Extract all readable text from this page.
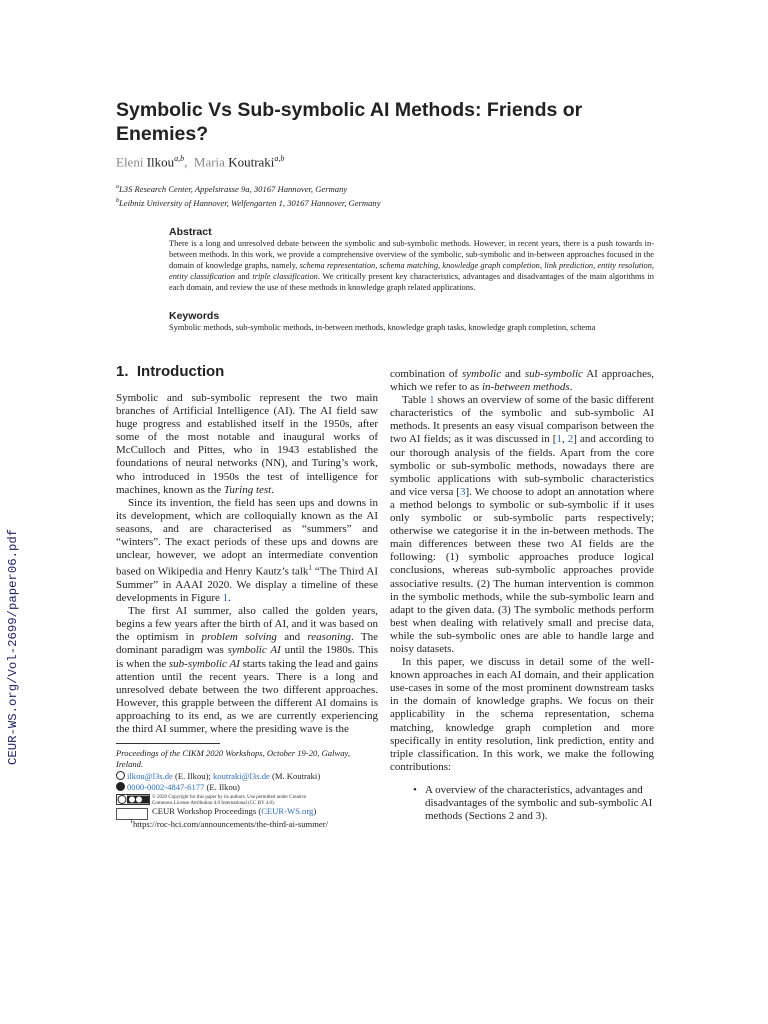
CEUR-WS.org/Vol-2699/paper06.pdf
Symbolic Vs Sub-symbolic AI Methods: Friends or Enemies?
Eleni Ilkou$^{a,b}$,  Maria Koutraki$^{a,b}$
$^a$L3S Research Center, Appelstrasse 9a, 30167 Hannover, Germany
$^b$Leibniz University of Hannover, Welfengarten 1, 30167 Hannover, Germany
Abstract

There is a long and unresolved debate between the symbolic and sub-symbolic methods. However, in recent years, there is a push towards in-between methods. In this work, we provide a comprehensive overview of the symbolic, sub-symbolic and in-between approaches focused in the domain of knowledge graphs, namely, schema representation, schema matching, knowledge graph completion, link prediction, entity resolution, entity classification and triple classification. We critically present key characteristics, advantages and disadvantages of the main algorithms in each domain, and review the use of these methods in knowledge graph related applications.

Keywords

Symbolic methods, sub-symbolic methods, in-between methods, knowledge graph tasks, knowledge graph completion, schema

1. Introduction

Symbolic and sub-symbolic represent the two main branches of Artificial Intelligence (AI). The AI field saw huge progress and established itself in the 1950s, after some of the most notable and inaugural works of McCulloch and Pittes, who in 1943 established the foundations of neural networks (NN), and Turing’s work, who introduced in 1950s the test of intelligence for machines, known as the Turing test.

Since its invention, the field has seen ups and downs in its development, which are colloquially known as the AI seasons, and are characterised as “summers” and “winters”. The exact periods of these ups and downs are unclear, however, we adopt an intermediate convention based on Wikipedia and Henry Kautz’s talk$^1$ “The Third AI Summer” in AAAI 2020. We display a timeline of these developments in Figure 1.

The first AI summer, also called the golden years, begins a few years after the birth of AI, and it was based on the optimism in problem solving and reasoning. The dominant paradigm was symbolic AI until the 1980s. This is when the sub-symbolic AI starts taking the lead and gains attention until the recent years. There is a long and unresolved debate between the two different approaches. However, this grapple between the different AI domains is approaching to its end, as we are currently experiencing the third AI summer, where the presiding wave is the

combination of symbolic and sub-symbolic AI approaches, which we refer to as in-between methods.

Table 1 shows an overview of some of the basic different characteristics of the symbolic and sub-symbolic AI methods. It presents an easy visual comparison between the two AI fields; as it was discussed in [1, 2] and according to our thorough analysis of the fields. Apart from the core symbolic or sub-symbolic methods, nowadays there are symbolic applications with sub-symbolic characteristics and vice versa [3]. We choose to adopt an annotation where a method belongs to symbolic or sub-symbolic if it uses only symbolic or sub-symbolic parts respectively; otherwise we categorise it in the in-between methods. The main differences between these two AI fields are the following: (1) symbolic approaches produce logical conclusions, whereas sub-symbolic approaches provide associative results. (2) The human intervention is common in the symbolic methods, while the sub-symbolic learn and adapt to the given data. (3) The symbolic methods perform best when dealing with relatively small and precise data, while the sub-symbolic ones are able to handle large and noisy datasets.

In this paper, we discuss in detail some of the well-known approaches in each AI domain, and their application use-cases in some of the most prominent downstream tasks in the domain of knowledge graphs. We focus on their applicability in the schema representation, schema matching, knowledge graph completion and more specifically in entity resolution, link prediction, entity and triple classification. In this work, we make the following contributions:

• A overview of the characteristics, advantages and disadvantages of the symbolic and sub-symbolic AI methods (Sections 2 and 3).
Proceedings of the CIKM 2020 Workshops, October 19-20, Galway, Ireland.
ilkou@l3s.de (E. Ilkou); koutraki@l3s.de (M. Koutraki)
0000-0002-4847-6177 (E. Ilkou)
© 2020 Copyright for this paper by its authors. Use permitted under Creative
Commons License Attribution 4.0 International (CC BY 4.0).
CEUR Workshop Proceedings (CEUR-WS.org)
$^1$https://roc-hci.com/announcements/the-third-ai-summer/
